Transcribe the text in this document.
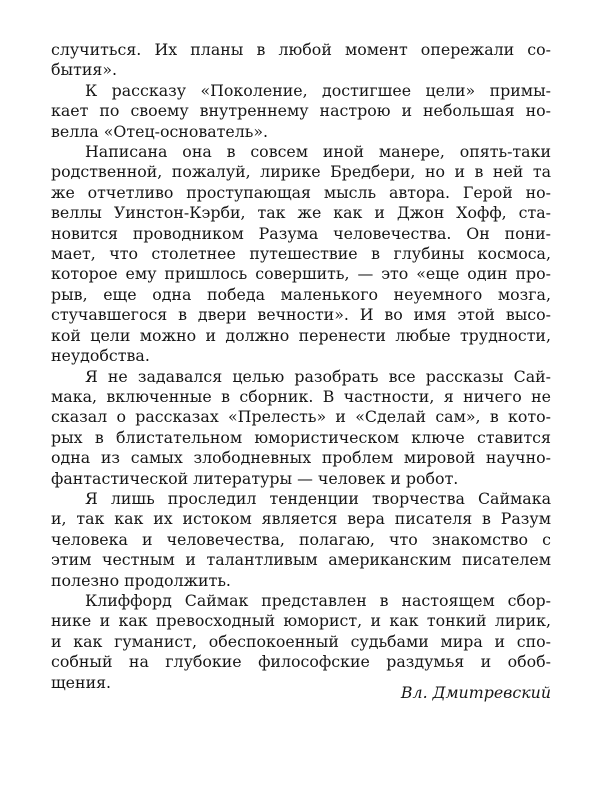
случиться. Их планы в любой момент опережали со-
бытия».

К рассказу «Поколение, достигшее цели» примы-
кает по своему внутреннему настрою и небольшая но-
велла «Отец-основатель».

Написана она в совсем иной манере, опять-таки
родственной, пожалуй, лирике Бредбери, но и в ней та
же отчетливо проступающая мысль автора. Герой но-
веллы Уинстон-Кэрби, так же как и Джон Хофф, ста-
новится проводником Разума человечества. Он пони-
мает, что столетнее путешествие в глубины космоса,
которое ему пришлось совершить, — это «еще один про-
рыв, еще одна победа маленького неуемного мозга,
стучавшегося в двери вечности». И во имя этой высо-
кой цели можно и должно перенести любые трудности,
неудобства.

Я не задавался целью разобрать все рассказы Сай-
мака, включенные в сборник. В частности, я ничего не
сказал о рассказах «Прелесть» и «Сделай сам», в кото-
рых в блистательном юмористическом ключе ставится
одна из самых злободневных проблем мировой научно-
фантастической литературы — человек и робот.

Я лишь проследил тенденции творчества Саймака
и, так как их истоком является вера писателя в Разум
человека и человечества, полагаю, что знакомство с
этим честным и талантливым американским писателем
полезно продолжить.

Клиффорд Саймак представлен в настоящем сбор-
нике и как превосходный юморист, и как тонкий лирик,
и как гуманист, обеспокоенный судьбами мира и спо-
собный на глубокие философские раздумья и обоб-
щения.

Вл. Дмитревский
